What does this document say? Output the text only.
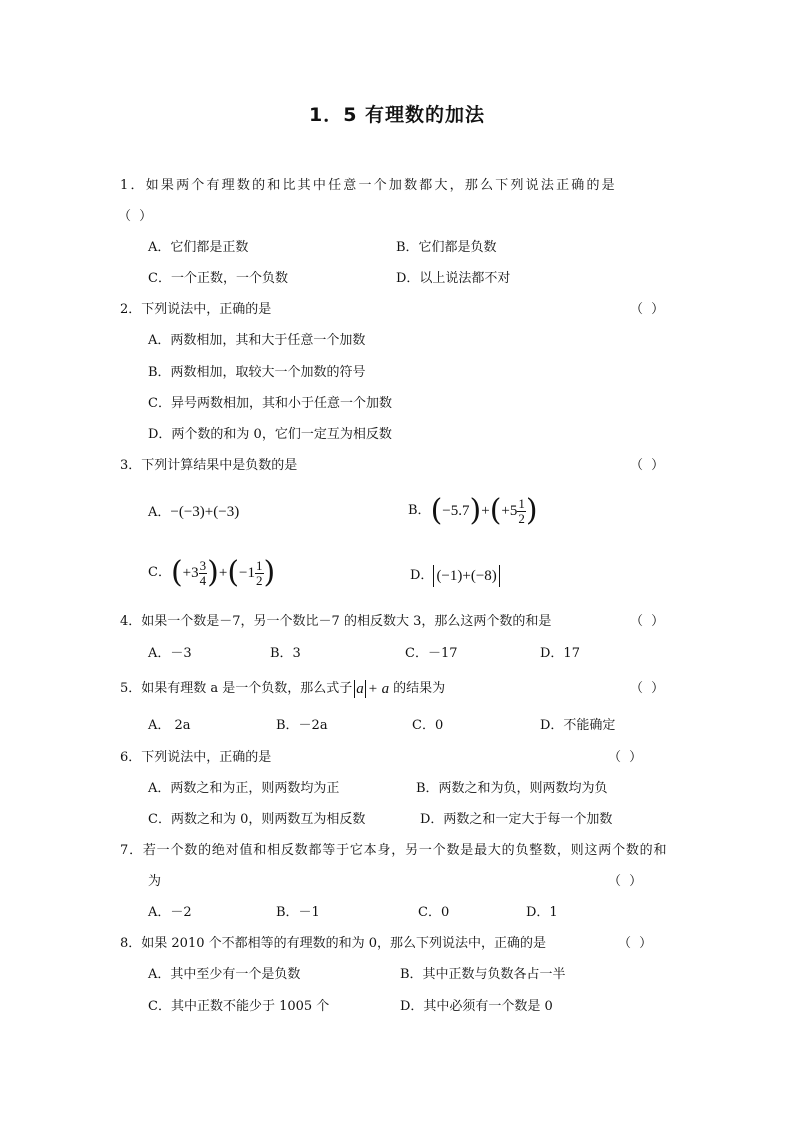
1．5 有理数的加法
1．如果两个有理数的和比其中任意一个加数都大，那么下列说法正确的是
（ ）
A．它们都是正数	B．它们都是负数
C．一个正数，一个负数	D．以上说法都不对
2．下列说法中，正确的是	（ ）
A．两数相加，其和大于任意一个加数
B．两数相加，取较大一个加数的符号
C．异号两数相加，其和小于任意一个加数
D．两个数的和为 0，它们一定互为相反数
3．下列计算结果中是负数的是	（ ）
A．−(−3)+(−3)	B． ( −5.7 ) + ( $+5 \frac{1}{2}$ )
C． ( $+3 \frac{3}{4}$ ) + ( $-1 \frac{1}{2}$ )	D． (−1)+(−8)
4．如果一个数是－7，另一个数比－7 的相反数大 3，那么这两个数的和是	（ ）
A．－3	B．3	C．－17	D．17
5．如果有理数 a 是一个负数，那么式子 a + a 的结果为	（ ）
A． 2a	B．－2a	C．0	D．不能确定
6．下列说法中，正确的是	（ ）
A．两数之和为正，则两数均为正	B．两数之和为负，则两数均为负
C．两数之和为 0，则两数互为相反数	D．两数之和一定大于每一个加数
7．若一个数的绝对值和相反数都等于它本身，另一个数是最大的负整数，则这两个数的和
为	（ ）
A．－2	B．－1	C．0	D．1
8．如果 2010 个不都相等的有理数的和为 0，那么下列说法中，正确的是	（ ）
A．其中至少有一个是负数	B．其中正数与负数各占一半
C．其中正数不能少于 1005 个	D．其中必须有一个数是 0
